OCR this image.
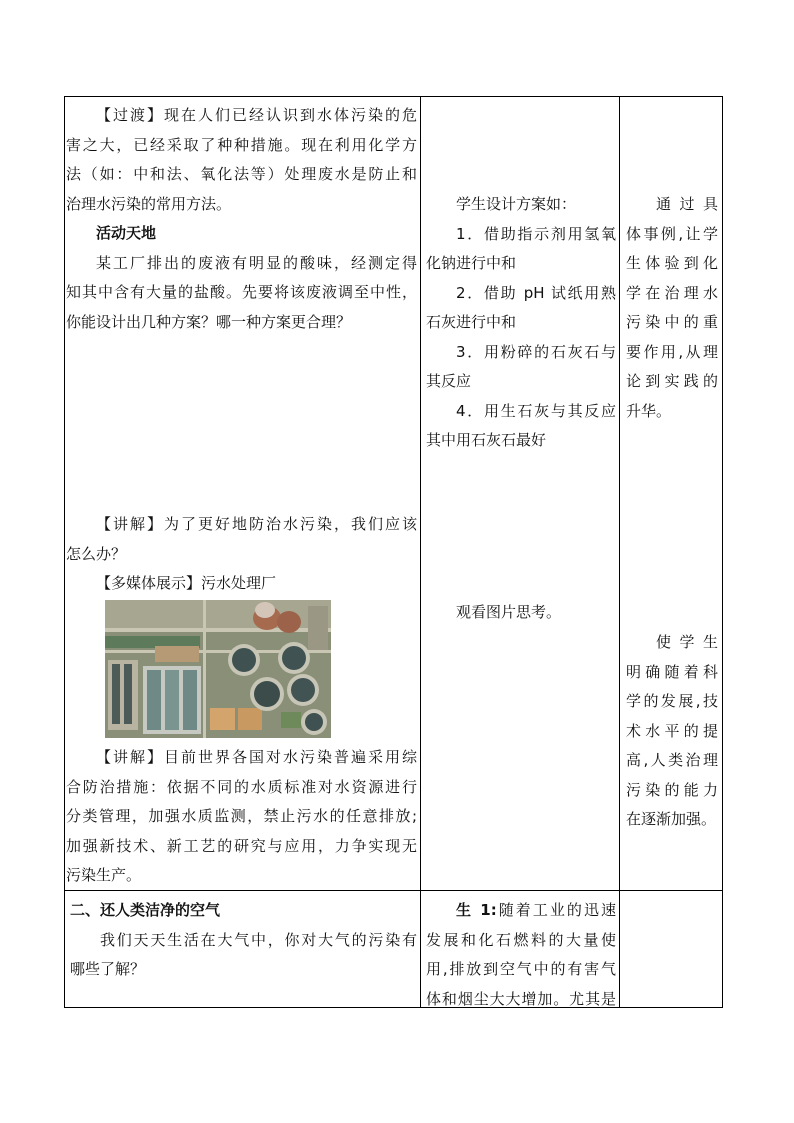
【过渡】现在人们已经认识到水体污染的危

害之大，已经采取了种种措施。现在利用化学方

法（如：中和法、氧化法等）处理废水是防止和

治理水污染的常用方法。

活动天地

某工厂排出的废液有明显的酸味，经测定得

知其中含有大量的盐酸。先要将该废液调至中性，

你能设计出几种方案？哪一种方案更合理？

【讲解】为了更好地防治水污染，我们应该

怎么办？

【多媒体展示】污水处理厂

【讲解】目前世界各国对水污染普遍采用综

合防治措施：依据不同的水质标准对水资源进行

分类管理，加强水质监测，禁止污水的任意排放;

加强新技术、新工艺的研究与应用，力争实现无

污染生产。

学生设计方案如：

1．借助指示剂用氢氧

化钠进行中和

2．借助 pH 试纸用熟

石灰进行中和

3．用粉碎的石灰石与

其反应

4．用生石灰与其反应

其中用石灰石最好

观看图片思考。

通过具

体事例,让学

生体验到化

学在治理水

污染中的重

要作用,从理

论到实践的

升华。

使学生

明确随着科

学的发展,技

术水平的提

高,人类治理

污染的能力

在逐渐加强。

二、还人类洁净的空气

我们天天生活在大气中，你对大气的污染有

哪些了解？

生 1:随着工业的迅速

发展和化石燃料的大量使

用,排放到空气中的有害气

体和烟尘大大增加。尤其是
